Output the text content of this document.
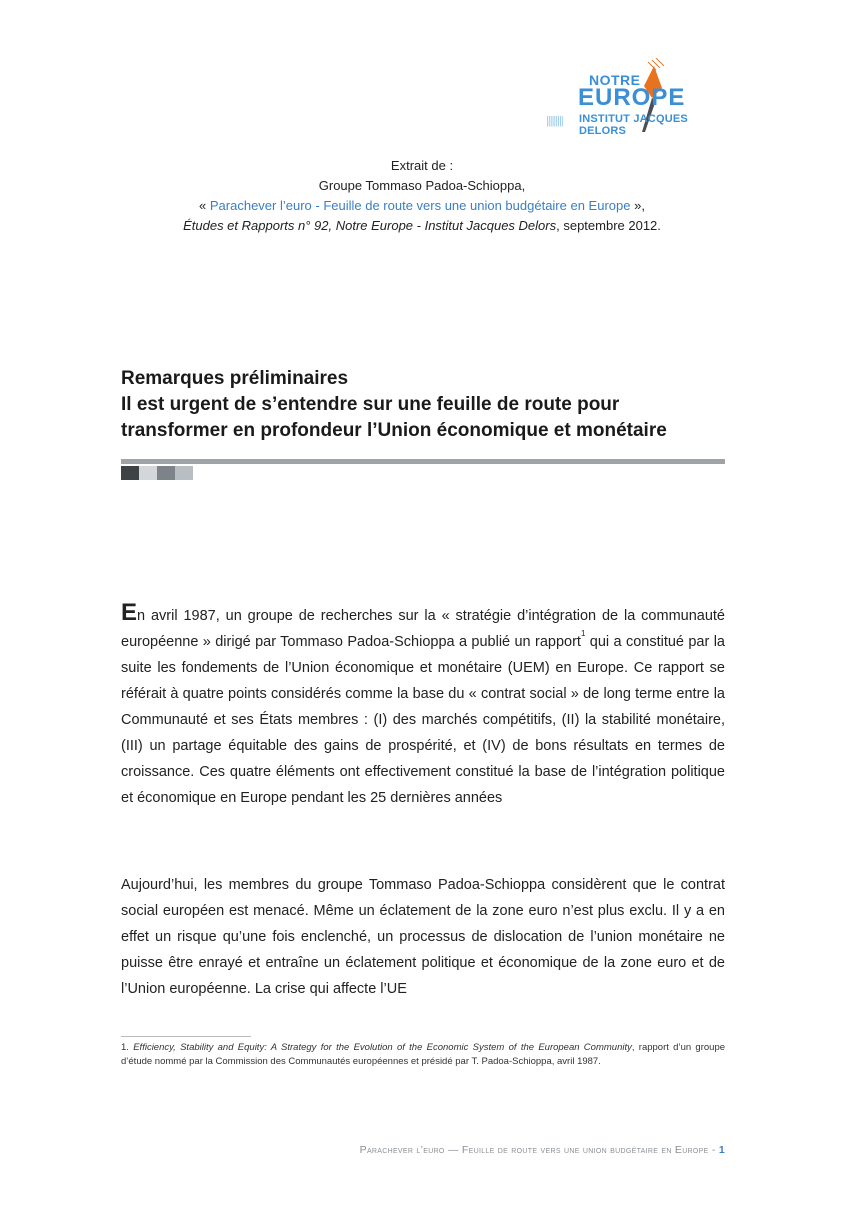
NOTRE
EUROPE
||||||||| INSTITUT JACQUES DELORS
Extrait de :
Groupe Tommaso Padoa-Schioppa,
« Parachever l’euro - Feuille de route vers une union budgétaire en Europe »,
Études et Rapports n° 92, Notre Europe - Institut Jacques Delors, septembre 2012.
Remarques préliminaires
Il est urgent de s’entendre sur une feuille de route pour
transformer en profondeur l’Union économique et monétaire
En avril 1987, un groupe de recherches sur la « stratégie d’intégration de la communauté européenne » dirigé par Tommaso Padoa-Schioppa a publié un rapport$^1$ qui a constitué par la suite les fondements de l’Union économique et monétaire (UEM) en Europe. Ce rapport se référait à quatre points considérés comme la base du « contrat social » de long terme entre la Communauté et ses États membres : (I) des marchés compétitifs, (II) la stabilité monétaire, (III) un partage équitable des gains de prospérité, et (IV) de bons résultats en termes de croissance. Ces quatre éléments ont effectivement constitué la base de l’intégration politique et économique en Europe pendant les 25 dernières années
Aujourd’hui, les membres du groupe Tommaso Padoa-Schioppa considèrent que le contrat social européen est menacé. Même un éclatement de la zone euro n’est plus exclu. Il y a en effet un risque qu’une fois enclenché, un processus de dislocation de l’union monétaire ne puisse être enrayé et entraîne un éclatement politique et économique de la zone euro et de l’Union européenne. La crise qui affecte l’UE
1. Efficiency, Stability and Equity: A Strategy for the Evolution of the Economic System of the European Community, rapport d’un groupe d’étude nommé par la Commission des Communautés européennes et présidé par T. Padoa-Schioppa, avril 1987.
Parachever l’euro — Feuille de route vers une union budgétaire en Europe - 1
